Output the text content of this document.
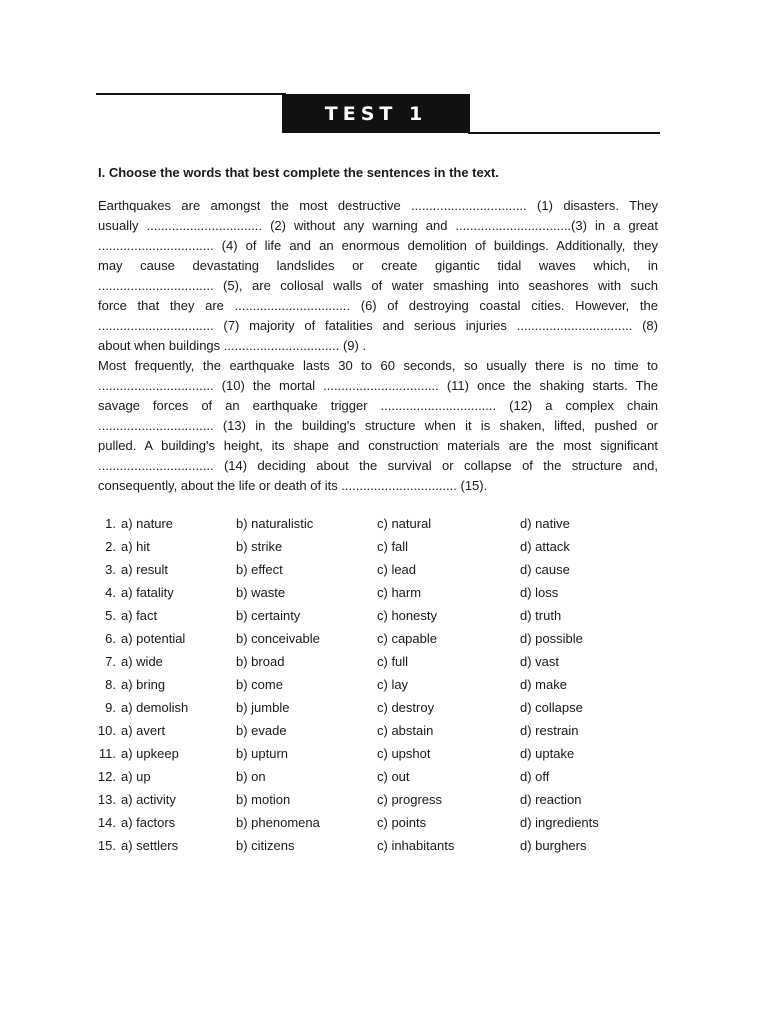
TEST 1
I. Choose the words that best complete the sentences in the text.
Earthquakes are amongst the most destructive ................................ (1) disasters. They
usually ................................ (2) without any warning and ................................(3) in a great
................................ (4) of life and an enormous demolition of buildings. Additionally, they
may cause devastating landslides or create gigantic tidal waves which, in
................................ (5), are collosal walls of water smashing into seashores with such
force that they are ................................ (6) of destroying coastal cities. However, the
................................ (7) majority of fatalities and serious injuries ................................ (8)
about when buildings ................................ (9) .
Most frequently, the earthquake lasts 30 to 60 seconds, so usually there is no time to
................................ (10) the mortal ................................ (11) once the shaking starts. The
savage forces of an earthquake trigger ................................ (12) a complex chain
................................ (13) in the building's structure when it is shaken, lifted, pushed or
pulled. A building's height, its shape and construction materials are the most significant
................................ (14) deciding about the survival or collapse of the structure and,
consequently, about the life or death of its ................................ (15).
1. a) nature	b) naturalistic	c) natural	d) native
2. a) hit	b) strike	c) fall	d) attack
3. a) result	b) effect	c) lead	d) cause
4. a) fatality	b) waste	c) harm	d) loss
5. a) fact	b) certainty	c) honesty	d) truth
6. a) potential	b) conceivable	c) capable	d) possible
7. a) wide	b) broad	c) full	d) vast
8. a) bring	b) come	c) lay	d) make
9. a) demolish	b) jumble	c) destroy	d) collapse
10. a) avert	b) evade	c) abstain	d) restrain
11. a) upkeep	b) upturn	c) upshot	d) uptake
12. a) up	b) on	c) out	d) off
13. a) activity	b) motion	c) progress	d) reaction
14. a) factors	b) phenomena	c) points	d) ingredients
15. a) settlers	b) citizens	c) inhabitants	d) burghers
